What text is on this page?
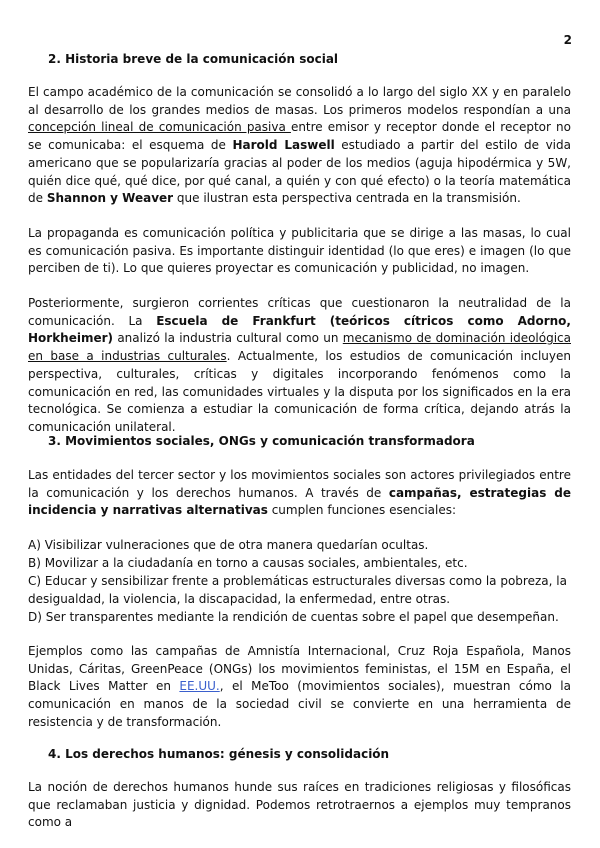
2
2. Historia breve de la comunicación social
El campo académico de la comunicación se consolidó a lo largo del siglo XX y en paralelo al desarrollo de los grandes medios de masas. Los primeros modelos respondían a una concepción lineal de comunicación pasiva entre emisor y receptor donde el receptor no se comunicaba: el esquema de Harold Laswell estudiado a partir del estilo de vida americano que se popularizaría gracias al poder de los medios (aguja hipodérmica y 5W, quién dice qué, qué dice, por qué canal, a quién y con qué efecto) o la teoría matemática de Shannon y Weaver que ilustran esta perspectiva centrada en la transmisión.
La propaganda es comunicación política y publicitaria que se dirige a las masas, lo cual es comunicación pasiva. Es importante distinguir identidad (lo que eres) e imagen (lo que perciben de ti). Lo que quieres proyectar es comunicación y publicidad, no imagen.
Posteriormente, surgieron corrientes críticas que cuestionaron la neutralidad de la comunicación. La Escuela de Frankfurt (teóricos cítricos como Adorno, Horkheimer) analizó la industria cultural como un mecanismo de dominación ideológica en base a industrias culturales. Actualmente, los estudios de comunicación incluyen perspectiva, culturales, críticas y digitales incorporando fenómenos como la comunicación en red, las comunidades virtuales y la disputa por los significados en la era tecnológica. Se comienza a estudiar la comunicación de forma crítica, dejando atrás la comunicación unilateral.
3. Movimientos sociales, ONGs y comunicación transformadora
Las entidades del tercer sector y los movimientos sociales son actores privilegiados entre la comunicación y los derechos humanos. A través de campañas, estrategias de incidencia y narrativas alternativas cumplen funciones esenciales:
A) Visibilizar vulneraciones que de otra manera quedarían ocultas.
B) Movilizar a la ciudadanía en torno a causas sociales, ambientales, etc.
C) Educar y sensibilizar frente a problemáticas estructurales diversas como la pobreza, la desigualdad, la violencia, la discapacidad, la enfermedad, entre otras.
D) Ser transparentes mediante la rendición de cuentas sobre el papel que desempeñan.
Ejemplos como las campañas de Amnistía Internacional, Cruz Roja Española, Manos Unidas, Cáritas, GreenPeace (ONGs) los movimientos feministas, el 15M en España, el Black Lives Matter en EE.UU., el MeToo (movimientos sociales), muestran cómo la comunicación en manos de la sociedad civil se convierte en una herramienta de resistencia y de transformación.
4. Los derechos humanos: génesis y consolidación
La noción de derechos humanos hunde sus raíces en tradiciones religiosas y filosóficas que reclamaban justicia y dignidad. Podemos retrotraernos a ejemplos muy tempranos como a
